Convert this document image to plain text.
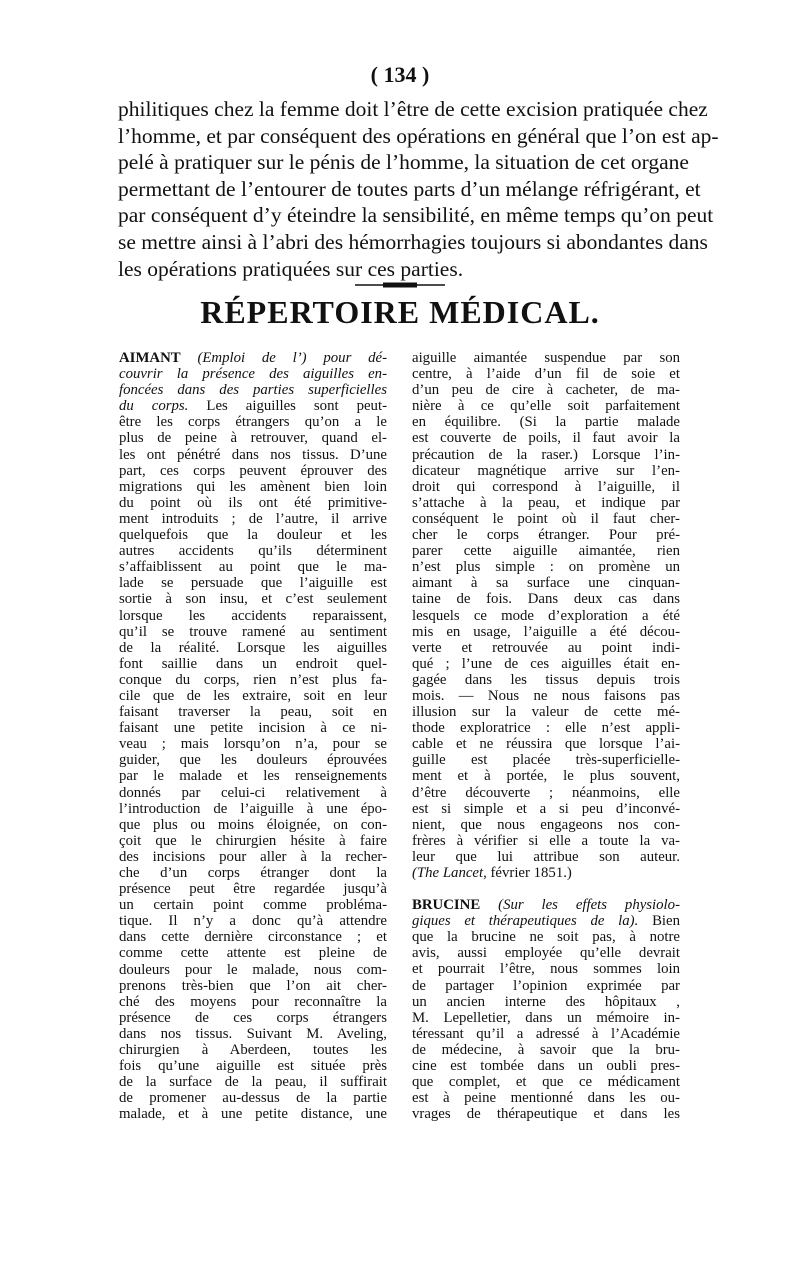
( 134 )
philitiques chez la femme doit l’être de cette excision pratiquée chez
l’homme, et par conséquent des opérations en général que l’on est ap-
pelé à pratiquer sur le pénis de l’homme, la situation de cet organe
permettant de l’entourer de toutes parts d’un mélange réfrigérant, et
par conséquent d’y éteindre la sensibilité, en même temps qu’on peut
se mettre ainsi à l’abri des hémorrhagies toujours si abondantes dans
les opérations pratiquées sur ces parties.
RÉPERTOIRE MÉDICAL.
AIMANT (Emploi de l’) pour dé-
couvrir la présence des aiguilles en-
foncées dans des parties superficielles
du corps. Les aiguilles sont peut-
être les corps étrangers qu’on a le
plus de peine à retrouver, quand el-
les ont pénétré dans nos tissus. D’une
part, ces corps peuvent éprouver des
migrations qui les amènent bien loin
du point où ils ont été primitive-
ment introduits ; de l’autre, il arrive
quelquefois que la douleur et les
autres accidents qu’ils déterminent
s’affaiblissent au point que le ma-
lade se persuade que l’aiguille est
sortie à son insu, et c’est seulement
lorsque les accidents reparaissent,
qu’il se trouve ramené au sentiment
de la réalité. Lorsque les aiguilles
font saillie dans un endroit quel-
conque du corps, rien n’est plus fa-
cile que de les extraire, soit en leur
faisant traverser la peau, soit en
faisant une petite incision à ce ni-
veau ; mais lorsqu’on n’a, pour se
guider, que les douleurs éprouvées
par le malade et les renseignements
donnés par celui-ci relativement à
l’introduction de l’aiguille à une épo-
que plus ou moins éloignée, on con-
çoit que le chirurgien hésite à faire
des incisions pour aller à la recher-
che d’un corps étranger dont la
présence peut être regardée jusqu’à
un certain point comme probléma-
tique. Il n’y a donc qu’à attendre
dans cette dernière circonstance ; et
comme cette attente est pleine de
douleurs pour le malade, nous com-
prenons très-bien que l’on ait cher-
ché des moyens pour reconnaître la
présence de ces corps étrangers
dans nos tissus. Suivant M. Aveling,
chirurgien à Aberdeen, toutes les
fois qu’une aiguille est située près
de la surface de la peau, il suffirait
de promener au-dessus de la partie
malade, et à une petite distance, une
aiguille aimantée suspendue par son
centre, à l’aide d’un fil de soie et
d’un peu de cire à cacheter, de ma-
nière à ce qu’elle soit parfaitement
en équilibre. (Si la partie malade
est couverte de poils, il faut avoir la
précaution de la raser.) Lorsque l’in-
dicateur magnétique arrive sur l’en-
droit qui correspond à l’aiguille, il
s’attache à la peau, et indique par
conséquent le point où il faut cher-
cher le corps étranger. Pour pré-
parer cette aiguille aimantée, rien
n’est plus simple : on promène un
aimant à sa surface une cinquan-
taine de fois. Dans deux cas dans
lesquels ce mode d’exploration a été
mis en usage, l’aiguille a été décou-
verte et retrouvée au point indi-
qué ; l’une de ces aiguilles était en-
gagée dans les tissus depuis trois
mois. — Nous ne nous faisons pas
illusion sur la valeur de cette mé-
thode exploratrice : elle n’est appli-
cable et ne réussira que lorsque l’ai-
guille est placée très-superficielle-
ment et à portée, le plus souvent,
d’être découverte ; néanmoins, elle
est si simple et a si peu d’inconvé-
nient, que nous engageons nos con-
frères à vérifier si elle a toute la va-
leur que lui attribue son auteur.
(The Lancet, février 1851.)
BRUCINE (Sur les effets physiolo-
giques et thérapeutiques de la). Bien
que la brucine ne soit pas, à notre
avis, aussi employée qu’elle devrait
et pourrait l’être, nous sommes loin
de partager l’opinion exprimée par
un ancien interne des hôpitaux ,
M. Lepelletier, dans un mémoire in-
téressant qu’il a adressé à l’Académie
de médecine, à savoir que la bru-
cine est tombée dans un oubli pres-
que complet, et que ce médicament
est à peine mentionné dans les ou-
vrages de thérapeutique et dans les
